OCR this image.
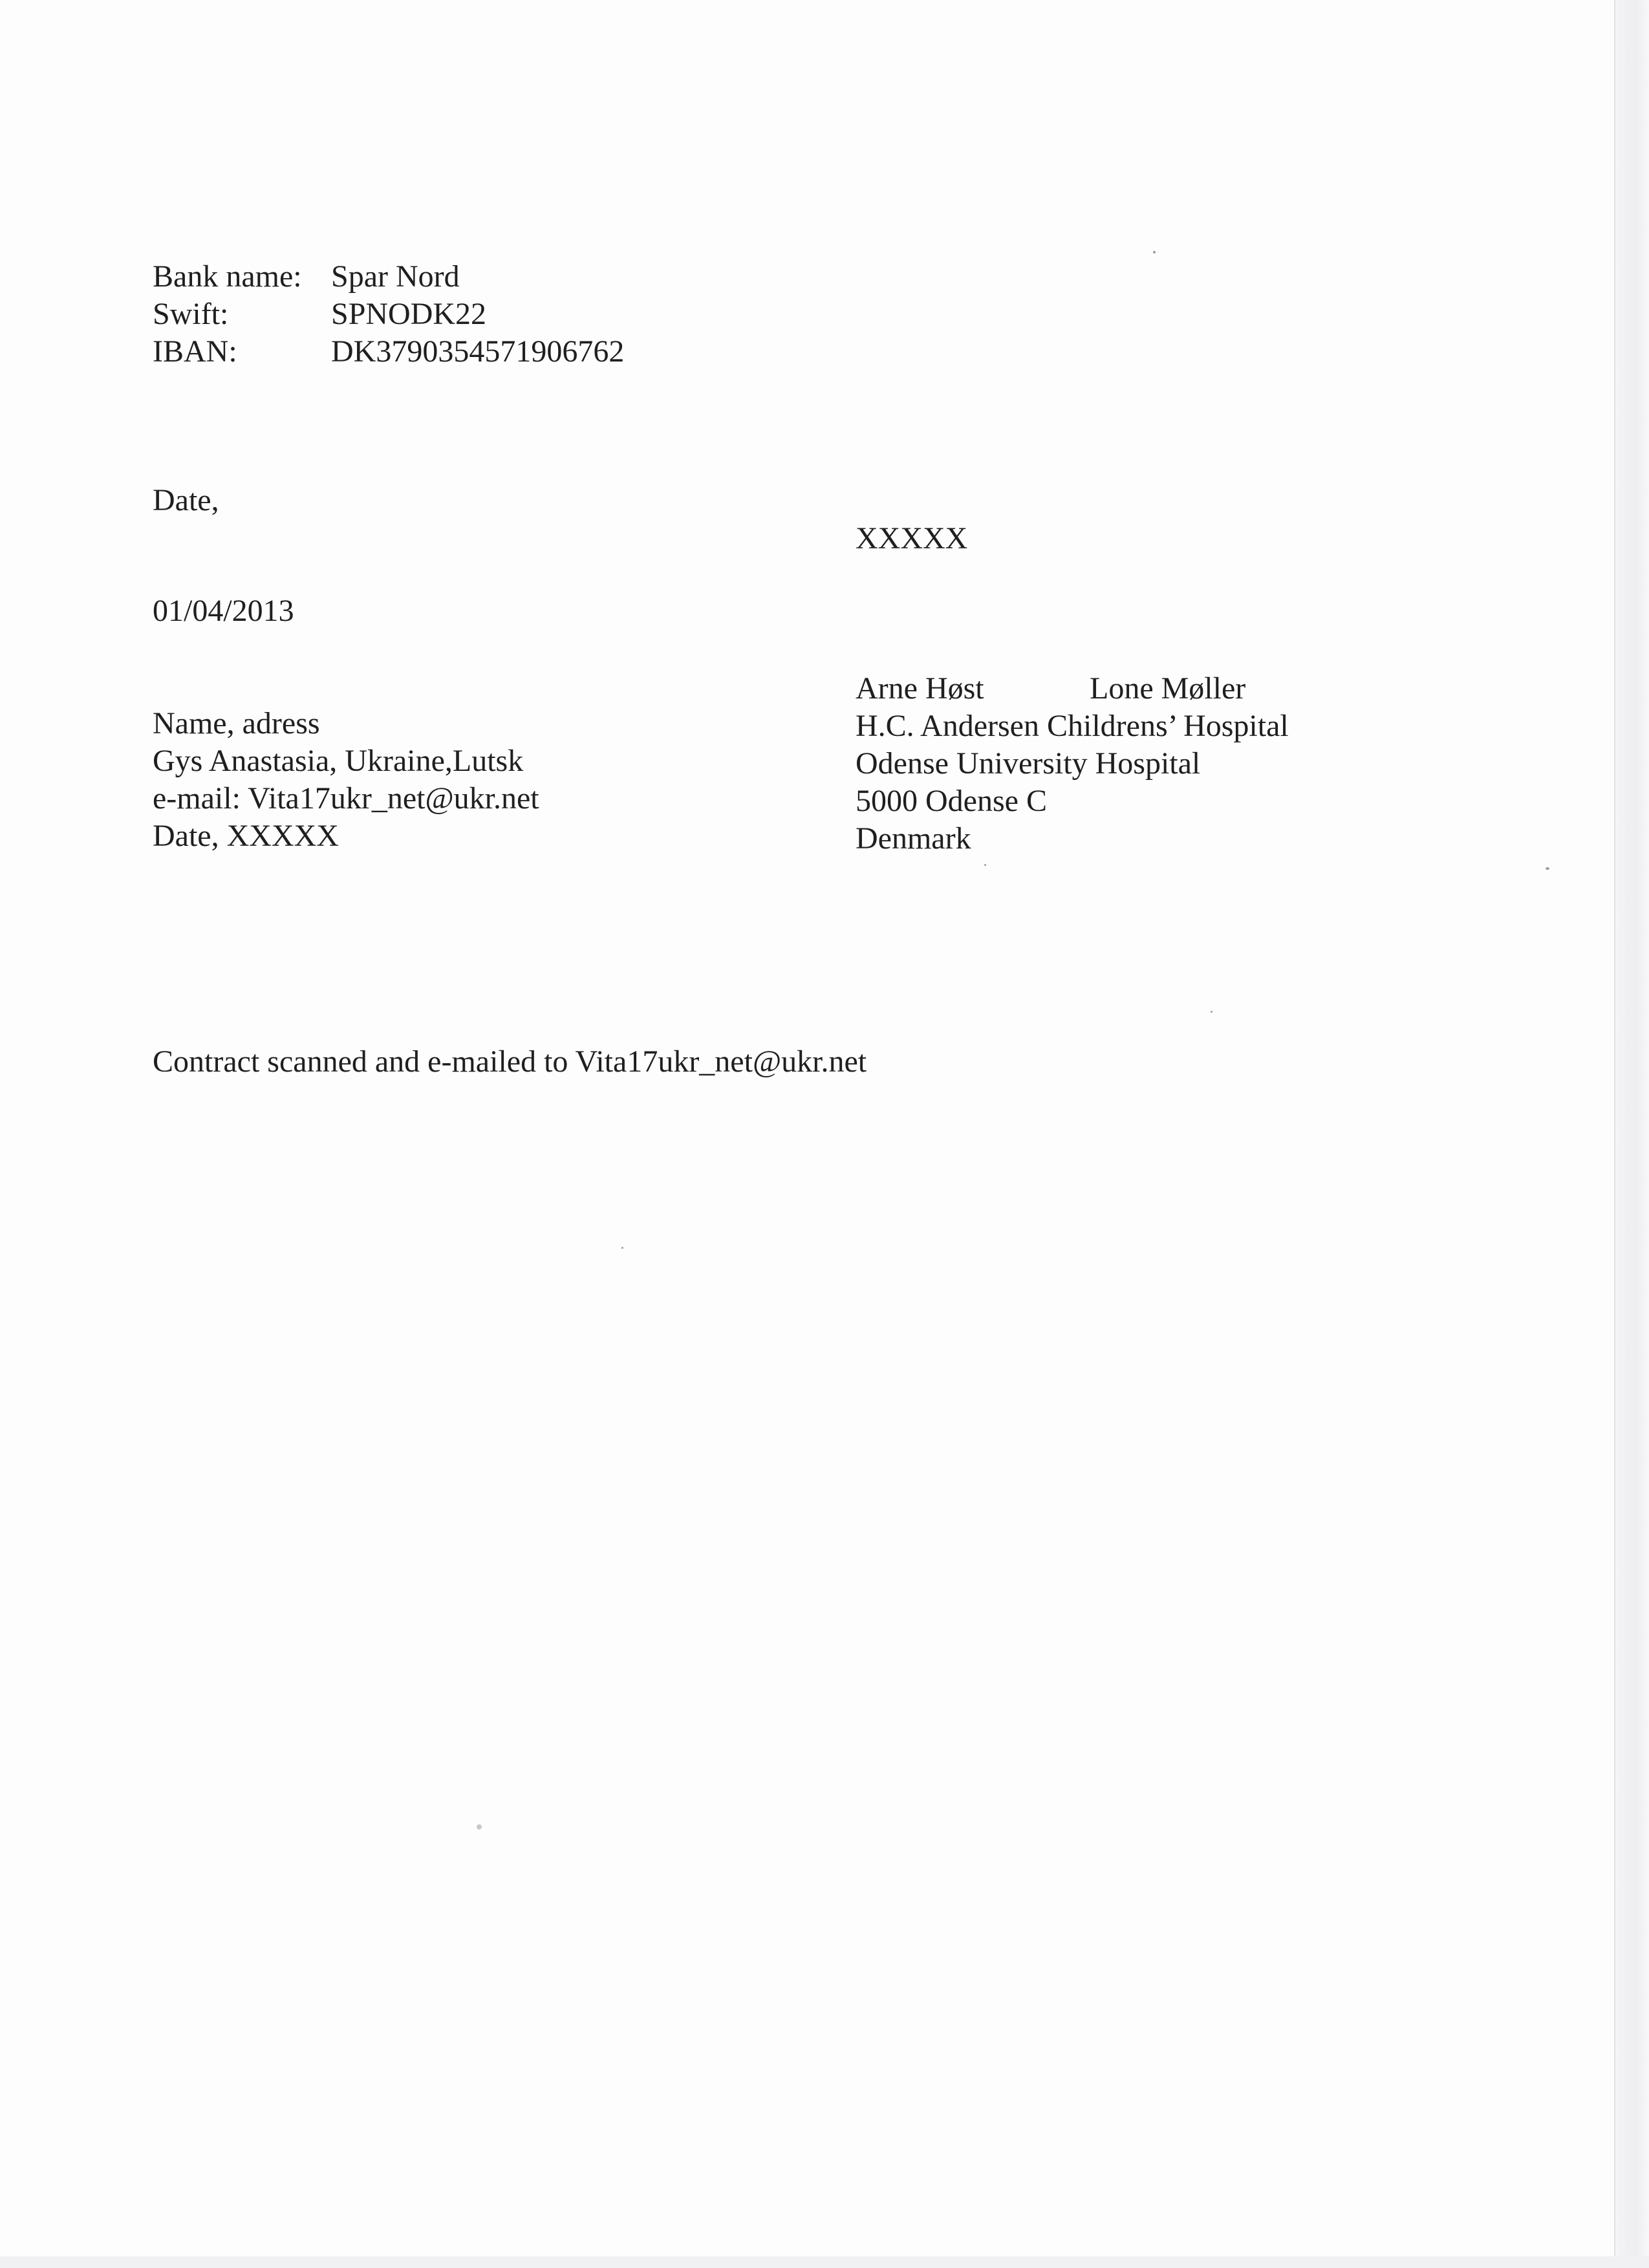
Bank name: Spar Nord
Swift:	SPNODK22
IBAN:	DK3790354571906762
Date,
XXXXX
01/04/2013
Name, adress
Gys Anastasia, Ukraine,Lutsk
e-mail: Vita17ukr_net@ukr.net
Date, XXXXX
Arne Høst	Lone Møller
H.C. Andersen Childrens’ Hospital
Odense University Hospital
5000 Odense C
Denmark
Contract scanned and e-mailed to Vita17ukr_net@ukr.net
